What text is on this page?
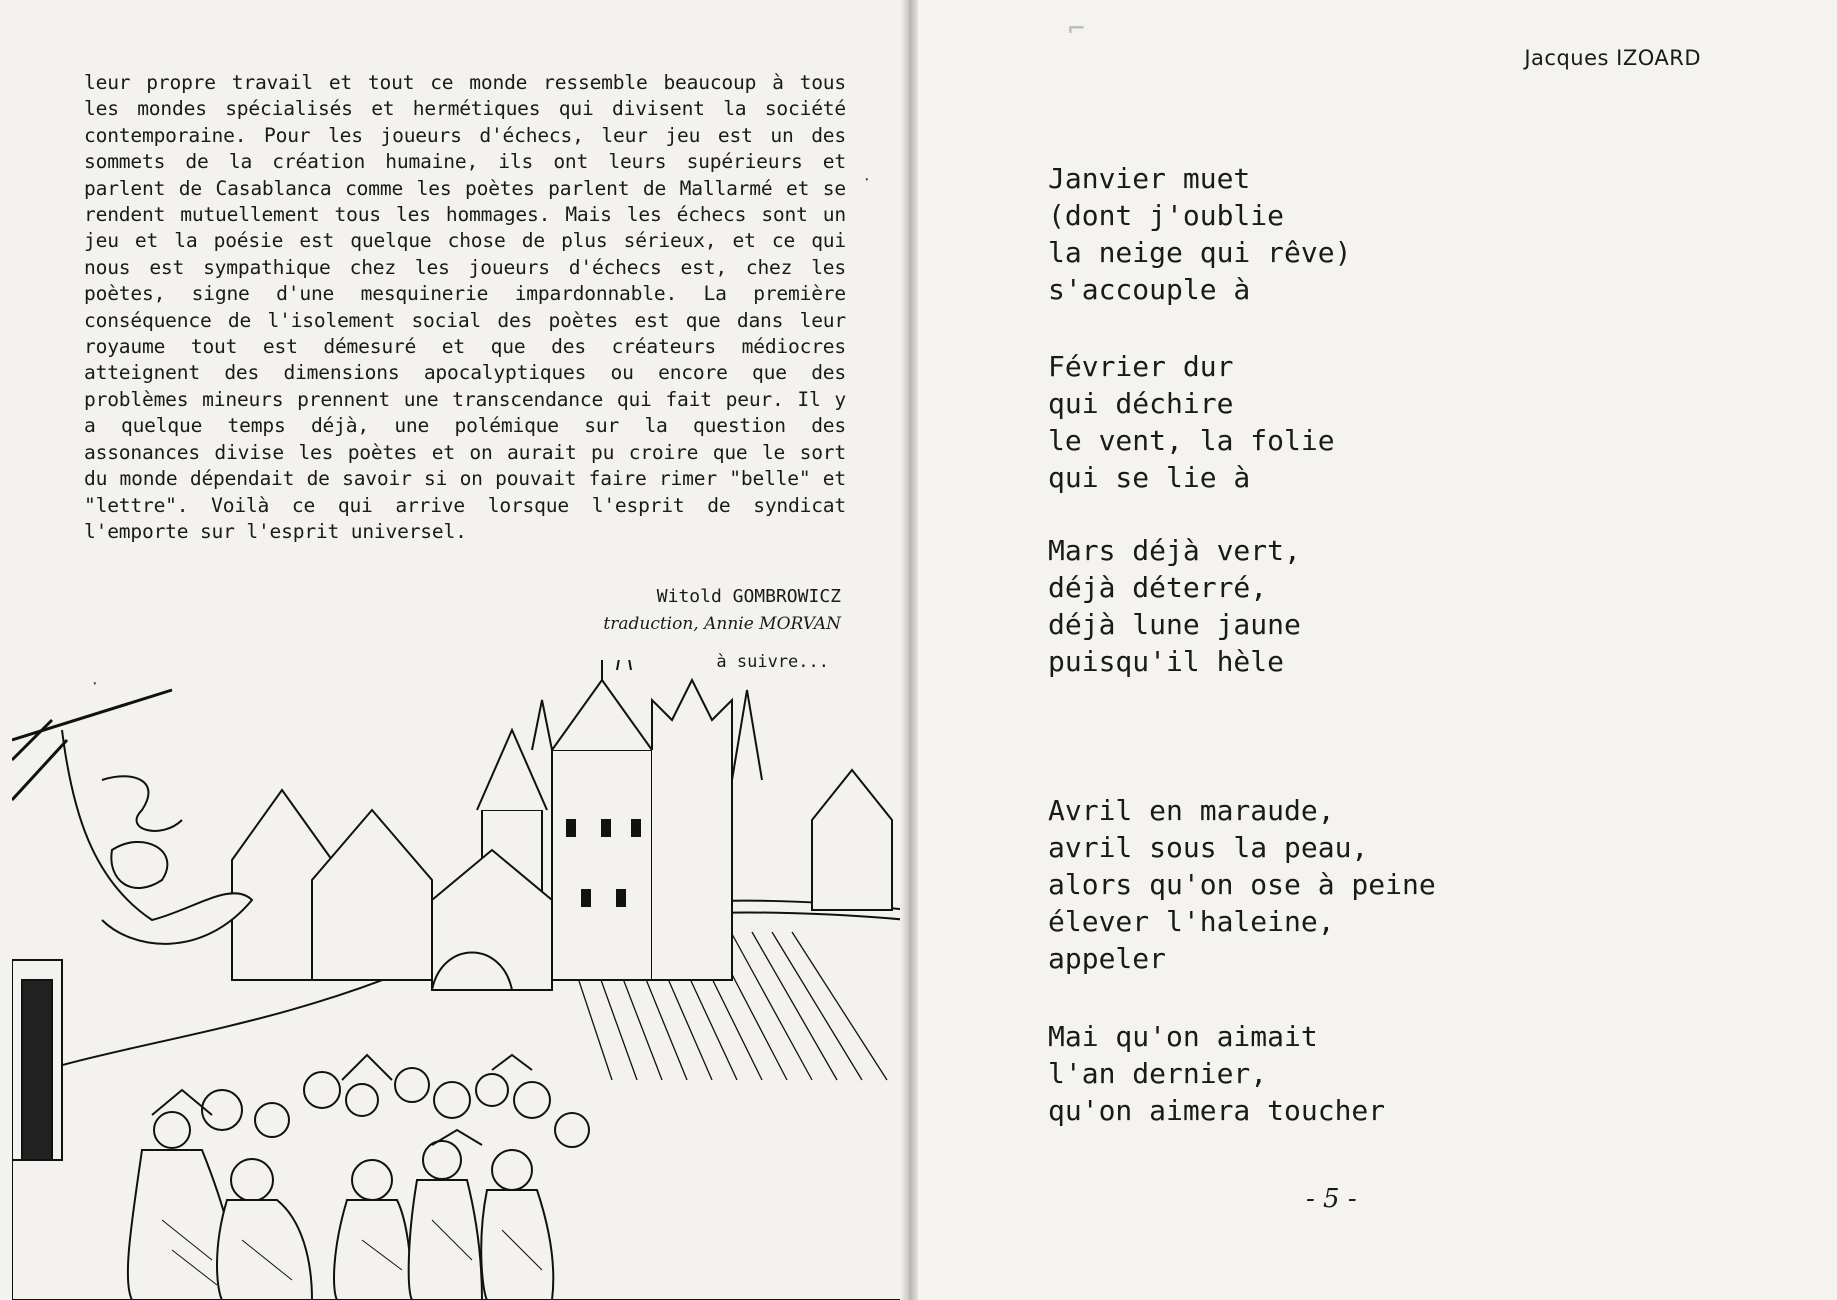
leur propre travail et tout ce monde ressemble beaucoup à tous les mondes spécialisés et hermétiques qui divisent la société contemporaine. Pour les joueurs d'échecs, leur jeu est un des sommets de la création humaine, ils ont leurs supérieurs et parlent de Casablanca comme les poètes parlent de Mallarmé et se rendent mutuellement tous les hommages. Mais les échecs sont un jeu et la poésie est quelque chose de plus sérieux, et ce qui nous est sympathique chez les joueurs d'échecs est, chez les poètes, signe d'une mesquinerie impardonnable. La première conséquence de l'isolement social des poètes est que dans leur royaume tout est démesuré et que des créateurs médiocres atteignent des dimensions apocalyptiques ou encore que des problèmes mineurs prennent une transcendance qui fait peur. Il y a quelque temps déjà, une polémique sur la question des assonances divise les poètes et on aurait pu croire que le sort du monde dépendait de savoir si on pouvait faire rimer "belle" et "lettre". Voilà ce qui arrive lorsque l'esprit de syndicat l'emporte sur l'esprit universel.

Witold GOMBROWICZ
traduction, Annie MORVAN
à suivre...
·
·
Jacques IZOARD
Janvier muet
(dont j'oublie
la neige qui rêve)
s'accouple à
Février dur
qui déchire
le vent, la folie
qui se lie à
Mars déjà vert,
déjà déterré,
déjà lune jaune
puisqu'il hèle
Avril en maraude,
avril sous la peau,
alors qu'on ose à peine
élever l'haleine,
appeler
Mai qu'on aimait
l'an dernier,
qu'on aimera toucher
- 5 -
⌐
